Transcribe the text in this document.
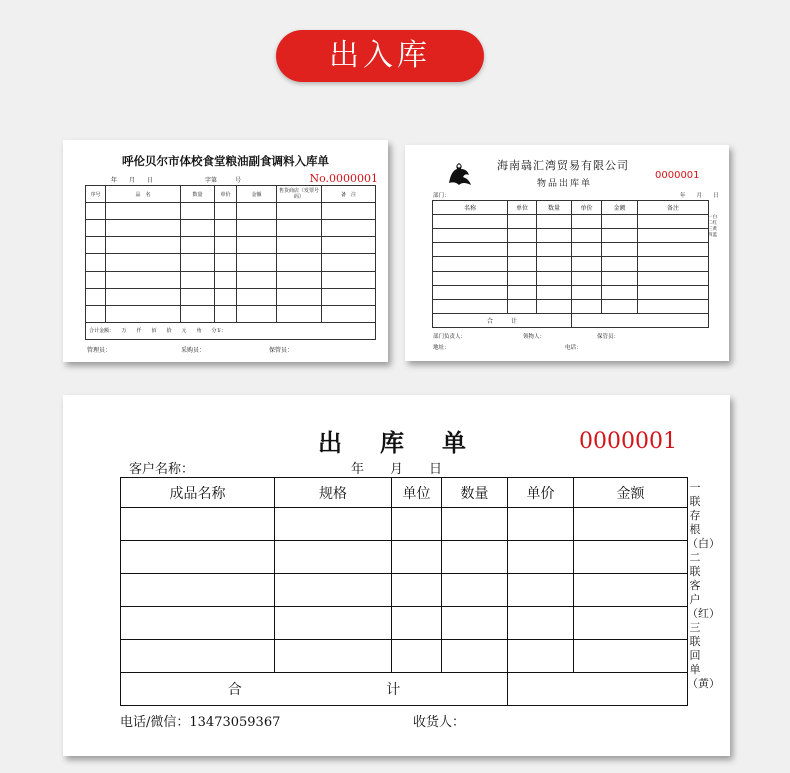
出入库
呼伦贝尔市体校食堂粮油副食调料入库单
年　　月　　日	字第　　　号	No.0000001
序号	品　名	数量	单价	金额	售货商店（发票号码）	备　注

合计金额：　　万　　仟　　佰　　拾　　元　　角　　分￥：						
管理员：	采购员：	保管员：
海南骉汇湾贸易有限公司
物品出库单
0000001
部门：	年　　月　　日
名称	单位	数量	单价	金额	备注

合　　　计					
一白 二红 三黄 四蓝
部门负责人：	领物人：	保管员：
地址：	电话：
出库单	0000001
客户名称：	年　　月　　日
成品名称	规格	单位	数量	单价	金额

合 计					
一联存根（白）二联客户（红）三联回单（黄）
电话/微信：13473059367	收货人：
